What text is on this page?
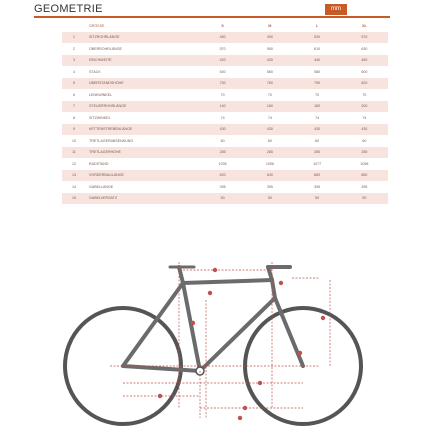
GEOMETRIE	mm
	GRÖSSE	S	M	L	XL
1	SITZROHRLÄNGE	450	490	530	570
2	OBERROHRLÄNGE	570	590	610	630
3	REICHWEITE	420	430	440	450
4	STACK	540	560	580	600
5	ÜBERSTANDSHÖHE	730	760	790	820
6	LENKWINKEL	70	70	70	70
7	STEUERROHRLÄNGE	140	160	180	200
8	SITZWINKEL	74	74	74	74
9	KETTENSTREBENLÄNGE	430	430	430	430
10	TRETLAGERABSENKUNG	60	60	60	60
11	TRETLAGERHÖHE	285	285	285	285
12	RADSTAND	1035	1056	1077	1098
13	VORDERBAULÄNGE	620	640	660	680
14	GABELLÄNGE	395	395	395	395
15	GABELVERSATZ	50	50	50	50
